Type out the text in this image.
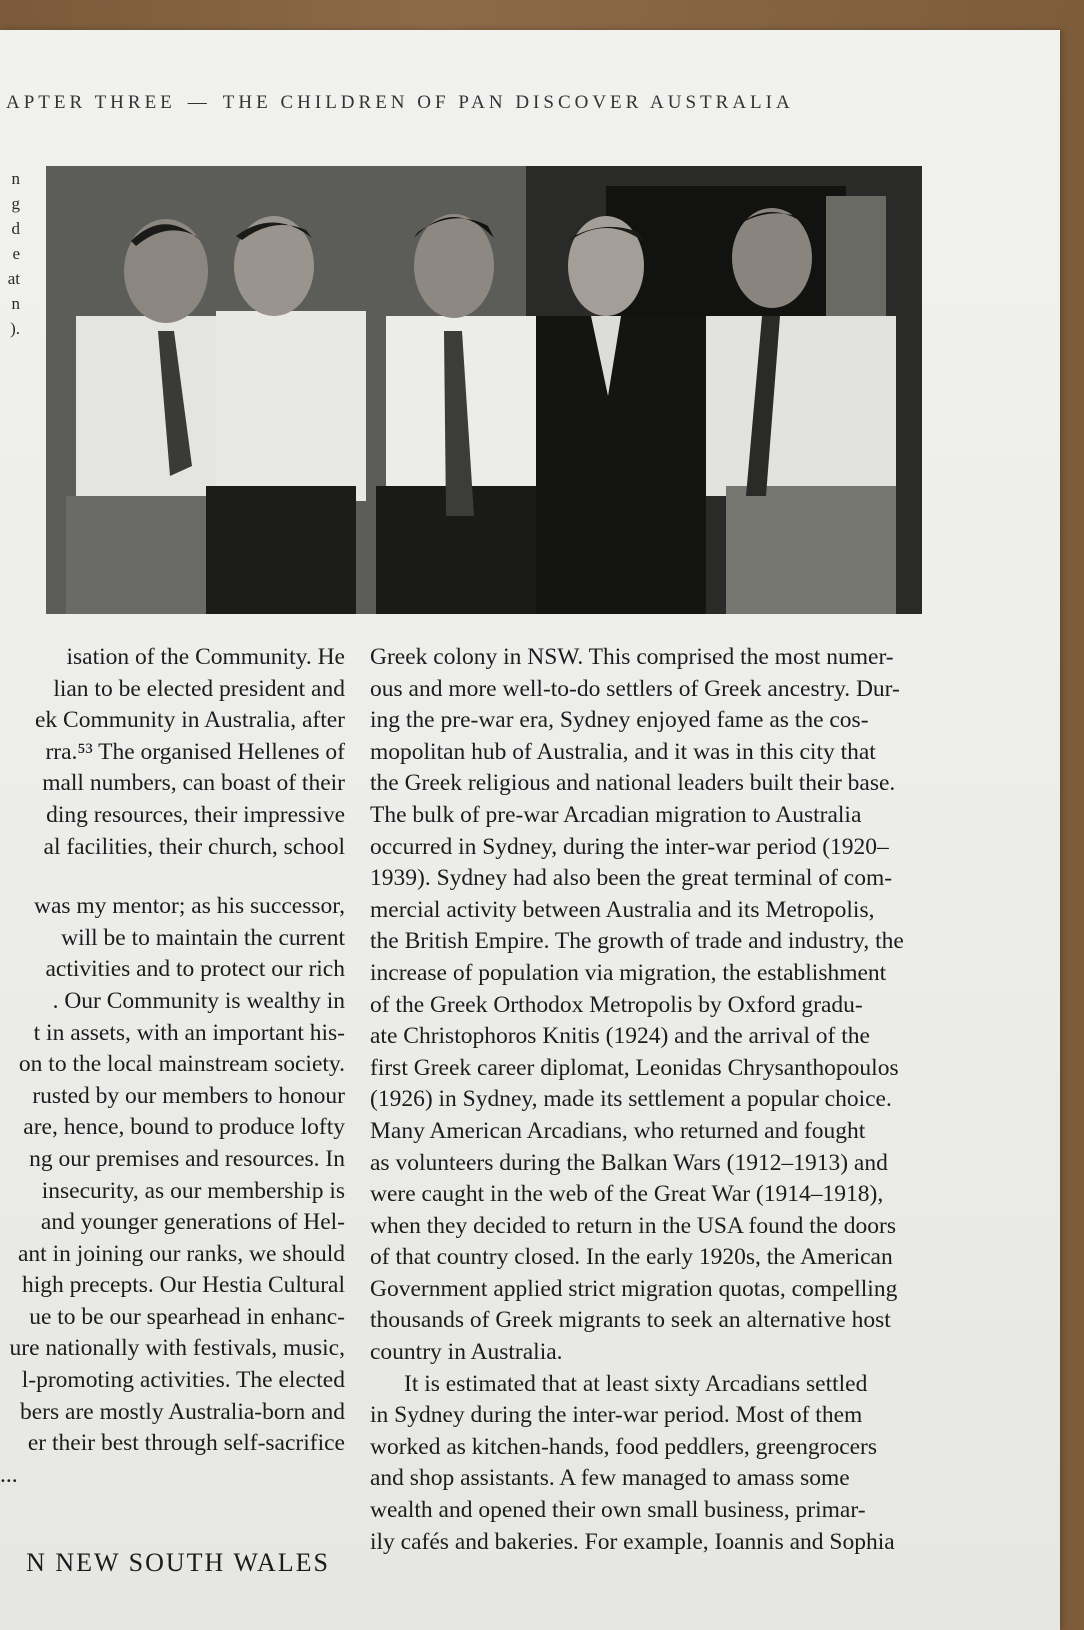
APTER THREE — THE CHILDREN OF PAN DISCOVER AUSTRALIA
n
g
d
e
at
n
).

isation of the Community. He
lian to be elected president and
ek Community in Australia, after
rra.⁵³ The organised Hellenes of
mall numbers, can boast of their
ding resources, their impressive
al facilities, their church, school

was my mentor; as his successor,
will be to maintain the current
activities and to protect our rich
. Our Community is wealthy in
t in assets, with an important his-
on to the local mainstream society.
rusted by our members to honour
are, hence, bound to produce lofty
ng our premises and resources. In
insecurity, as our membership is
and younger generations of Hel-
ant in joining our ranks, we should
high precepts. Our Hestia Cultural
ue to be our spearhead in enhanc-
ure nationally with festivals, music,
l-promoting activities. The elected
bers are mostly Australia-born and
er their best through self-sacrifice

...
N NEW SOUTH WALES

Greek colony in NSW. This comprised the most numer-
ous and more well-to-do settlers of Greek ancestry. Dur-
ing the pre-war era, Sydney enjoyed fame as the cos-
mopolitan hub of Australia, and it was in this city that
the Greek religious and national leaders built their base.
The bulk of pre-war Arcadian migration to Australia
occurred in Sydney, during the inter-war period (1920–
1939). Sydney had also been the great terminal of com-
mercial activity between Australia and its Metropolis,
the British Empire. The growth of trade and industry, the
increase of population via migration, the establishment
of the Greek Orthodox Metropolis by Oxford gradu-
ate Christophoros Knitis (1924) and the arrival of the
first Greek career diplomat, Leonidas Chrysanthopoulos
(1926) in Sydney, made its settlement a popular choice.
Many American Arcadians, who returned and fought
as volunteers during the Balkan Wars (1912–1913) and
were caught in the web of the Great War (1914–1918),
when they decided to return in the USA found the doors
of that country closed. In the early 1920s, the American
Government applied strict migration quotas, compelling
thousands of Greek migrants to seek an alternative host
country in Australia.

It is estimated that at least sixty Arcadians settled
in Sydney during the inter-war period. Most of them
worked as kitchen-hands, food peddlers, greengrocers
and shop assistants. A few managed to amass some
wealth and opened their own small business, primar-
ily cafés and bakeries. For example, Ioannis and Sophia
